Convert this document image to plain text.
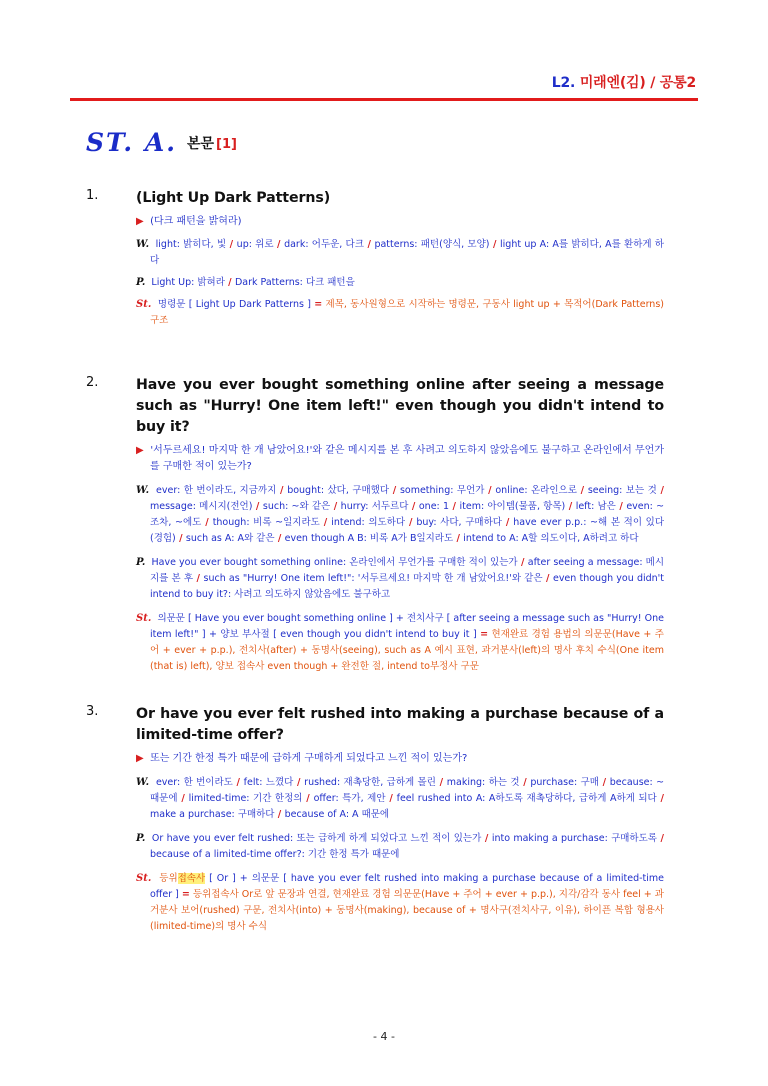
L2. 미래엔(김) / 공통2
ST. A. 본문 [1]
1.	(Light Up Dark Patterns)
▶ (다크 패턴을 밝혀라)
W. light: 밝히다, 빛 / up: 위로 / dark: 어두운, 다크 / patterns: 패턴(양식, 모양) / light up A: A를 밝히다, A를 환하게 하다
P. Light Up: 밝혀라 / Dark Patterns: 다크 패턴을
St. 명령문 [ Light Up Dark Patterns ] = 제목, 동사원형으로 시작하는 명령문, 구동사 light up + 목적어(Dark Patterns) 구조
2.	Have you ever bought something online after seeing a message such as "Hurry! One item left!" even though you didn't intend to buy it?
▶ '서두르세요! 마지막 한 개 남았어요!'와 같은 메시지를 본 후 사려고 의도하지 않았음에도 불구하고 온라인에서 무언가를 구매한 적이 있는가?
W. ever: 한 번이라도, 지금까지 / bought: 샀다, 구매했다 / something: 무언가 / online: 온라인으로 / seeing: 보는 것 / message: 메시지(전언) / such: ~와 같은 / hurry: 서두르다 / one: 1 / item: 아이템(물품, 항목) / left: 남은 / even: ~조차, ~에도 / though: 비록 ~일지라도 / intend: 의도하다 / buy: 사다, 구매하다 / have ever p.p.: ~해 본 적이 있다 (경험) / such as A: A와 같은 / even though A B: 비록 A가 B일지라도 / intend to A: A할 의도이다, A하려고 하다
P. Have you ever bought something online: 온라인에서 무언가를 구매한 적이 있는가 / after seeing a message: 메시지를 본 후 / such as "Hurry! One item left!": '서두르세요! 마지막 한 개 남았어요!'와 같은 / even though you didn't intend to buy it?: 사려고 의도하지 않았음에도 불구하고
St. 의문문 [ Have you ever bought something online ] + 전치사구 [ after seeing a message such as "Hurry! One item left!" ] + 양보 부사절 [ even though you didn't intend to buy it ] = 현재완료 경험 용법의 의문문(Have + 주어 + ever + p.p.), 전치사(after) + 동명사(seeing), such as A 예시 표현, 과거분사(left)의 명사 후치 수식(One item (that is) left), 양보 접속사 even though + 완전한 절, intend to부정사 구문
3.	Or have you ever felt rushed into making a purchase because of a limited-time offer?
▶ 또는 기간 한정 특가 때문에 급하게 구매하게 되었다고 느낀 적이 있는가?
W. ever: 한 번이라도 / felt: 느꼈다 / rushed: 재촉당한, 급하게 몰린 / making: 하는 것 / purchase: 구매 / because: ~때문에 / limited-time: 기간 한정의 / offer: 특가, 제안 / feel rushed into A: A하도록 재촉당하다, 급하게 A하게 되다 / make a purchase: 구매하다 / because of A: A 때문에
P. Or have you ever felt rushed: 또는 급하게 하게 되었다고 느낀 적이 있는가 / into making a purchase: 구매하도록 / because of a limited-time offer?: 기간 한정 특가 때문에
St. 등위접속사 [ Or ] + 의문문 [ have you ever felt rushed into making a purchase because of a limited-time offer ] = 등위접속사 Or로 앞 문장과 연결, 현재완료 경험 의문문(Have + 주어 + ever + p.p.), 지각/감각 동사 feel + 과거분사 보어(rushed) 구문, 전치사(into) + 동명사(making), because of + 명사구(전치사구, 이유), 하이픈 복합 형용사(limited-time)의 명사 수식
- 4 -
